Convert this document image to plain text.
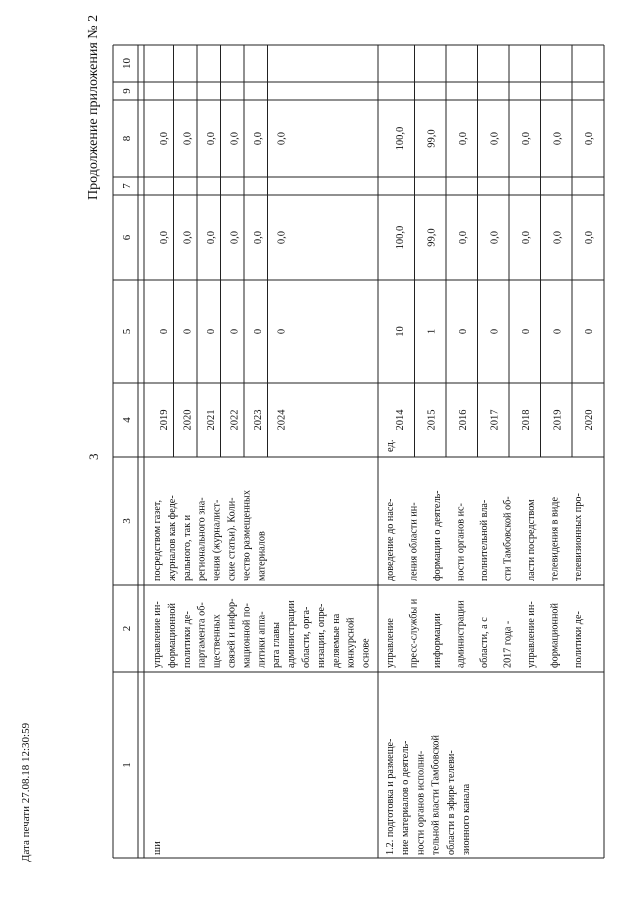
3
Продолжение приложения № 2
Дата печати 27.08.18 12:30:59	1
2
3
4
5
6
7
8
9
10
ши
управление ин- формационной политики де- партамента об- щественных связей и инфор- мационной по- литики аппа- рата главы администрации области, орга- низации, опре- деляемые на конкурсной основе
посредством газет, журналов как феде- рального, так и регионального зна- чения (журналист- ские статьи). Коли- чество размещенных материалов
2019
0
0,0
0,0
2020
0
0,0
0,0
2021
0
0,0
0,0
2022
0
0,0
0,0
2023
0
0,0
0,0
2024
0
0,0
0,0
1.2. подготовка и размеще- ние материалов о деятель- ности органов исполни- тельной власти Тамбовской области в эфире телеви- зионного канала
управление пресс-службы и информации администрации области, а с 2017 года - управление ин- формационной политики де-
доведение до насе- ления области ин- формации о деятель- ности органов ис- полнительной вла- сти Тамбовской об- ласти посредством телевидения в виде телевизионных про-
ед.
2014
10
100,0
100,0
2015
1
99,0
99,0
2016
0
0,0
0,0
2017
0
0,0
0,0
2018
0
0,0
0,0
2019
0
0,0
0,0
2020
0
0,0
0,0
